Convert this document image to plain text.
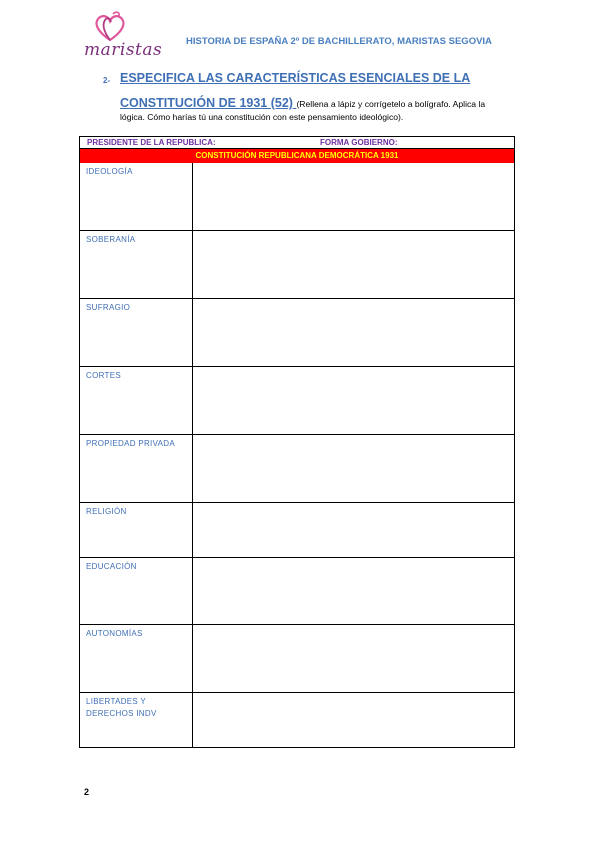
maristas	HISTORIA DE ESPAÑA 2º DE BACHILLERATO, MARISTAS SEGOVIA
2- ESPECIFICA LAS CARACTERÍSTICAS ESENCIALES DE LA
CONSTITUCIÓN DE 1931 (52) (Rellena a lápiz y corrígetelo a bolígrafo. Aplica la
lógica. Cómo harías tú una constitución con este pensamiento ideológico).
PRESIDENTE DE LA REPUBLICA:	FORMA GOBIERNO:
CONSTITUCIÓN REPUBLICANA DEMOCRÁTICA 1931
IDEOLOGÍA
SOBERANÍA
SUFRAGIO
CORTES
PROPIEDAD PRIVADA
RELIGIÓN
EDUCACIÓN
AUTONOMÍAS
LIBERTADES Y DERECHOS INDV
2
